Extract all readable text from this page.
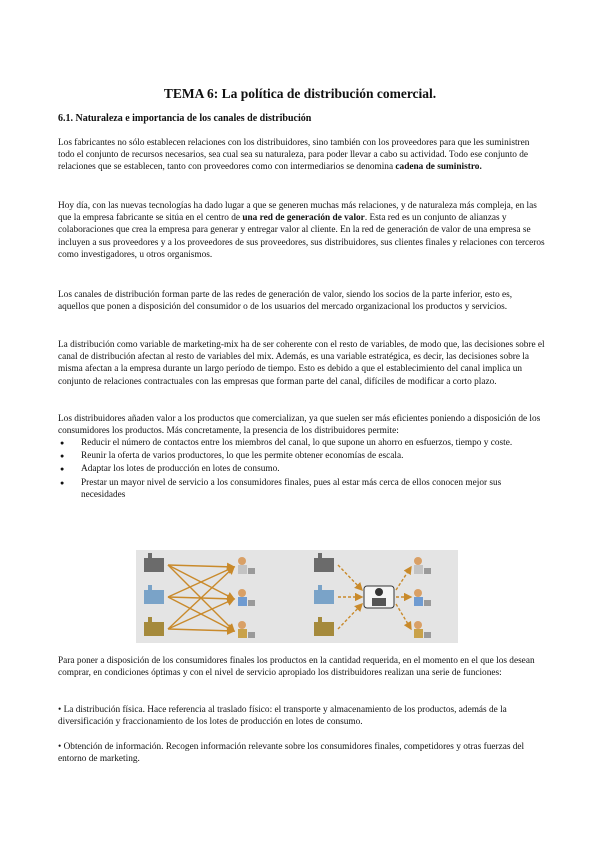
TEMA 6: La política de distribución comercial.
6.1. Naturaleza e importancia de los canales de distribución

Los fabricantes no sólo establecen relaciones con los distribuidores, sino también con los proveedores para que les suministren todo el conjunto de recursos necesarios, sea cual sea su naturaleza, para poder llevar a cabo su actividad. Todo ese conjunto de relaciones que se establecen, tanto con proveedores como con intermediarios se denomina cadena de suministro.

Hoy día, con las nuevas tecnologías ha dado lugar a que se generen muchas más relaciones, y de naturaleza más compleja, en las que la empresa fabricante se sitúa en el centro de una red de generación de valor. Esta red es un conjunto de alianzas y colaboraciones que crea la empresa para generar y entregar valor al cliente. En la red de generación de valor de una empresa se incluyen a sus proveedores y a los proveedores de sus proveedores, sus distribuidores, sus clientes finales y relaciones con terceros como investigadores, u otros organismos.

Los canales de distribución forman parte de las redes de generación de valor, siendo los socios de la parte inferior, esto es, aquellos que ponen a disposición del consumidor o de los usuarios del mercado organizacional los productos y servicios.

La distribución como variable de marketing-mix ha de ser coherente con el resto de variables, de modo que, las decisiones sobre el canal de distribución afectan al resto de variables del mix. Además, es una variable estratégica, es decir, las decisiones sobre la misma afectan a la empresa durante un largo período de tiempo. Esto es debido a que el establecimiento del canal implica un conjunto de relaciones contractuales con las empresas que forman parte del canal, difíciles de modificar a corto plazo.

Los distribuidores añaden valor a los productos que comercializan, ya que suelen ser más eficientes poniendo a disposición de los consumidores los productos. Más concretamente, la presencia de los distribuidores permite:

● Reducir el número de contactos entre los miembros del canal, lo que supone un ahorro en esfuerzos, tiempo y coste.
● Reunir la oferta de varios productores, lo que les permite obtener economías de escala.
● Adaptar los lotes de producción en lotes de consumo.
● Prestar un mayor nivel de servicio a los consumidores finales, pues al estar más cerca de ellos conocen mejor sus necesidades

Para poner a disposición de los consumidores finales los productos en la cantidad requerida, en el momento en el que los desean comprar, en condiciones óptimas y con el nivel de servicio apropiado los distribuidores realizan una serie de funciones:

• La distribución física. Hace referencia al traslado físico: el transporte y almacenamiento de los productos, además de la diversificación y fraccionamiento de los lotes de producción en lotes de consumo.

• Obtención de información. Recogen información relevante sobre los consumidores finales, competidores y otras fuerzas del entorno de marketing.
